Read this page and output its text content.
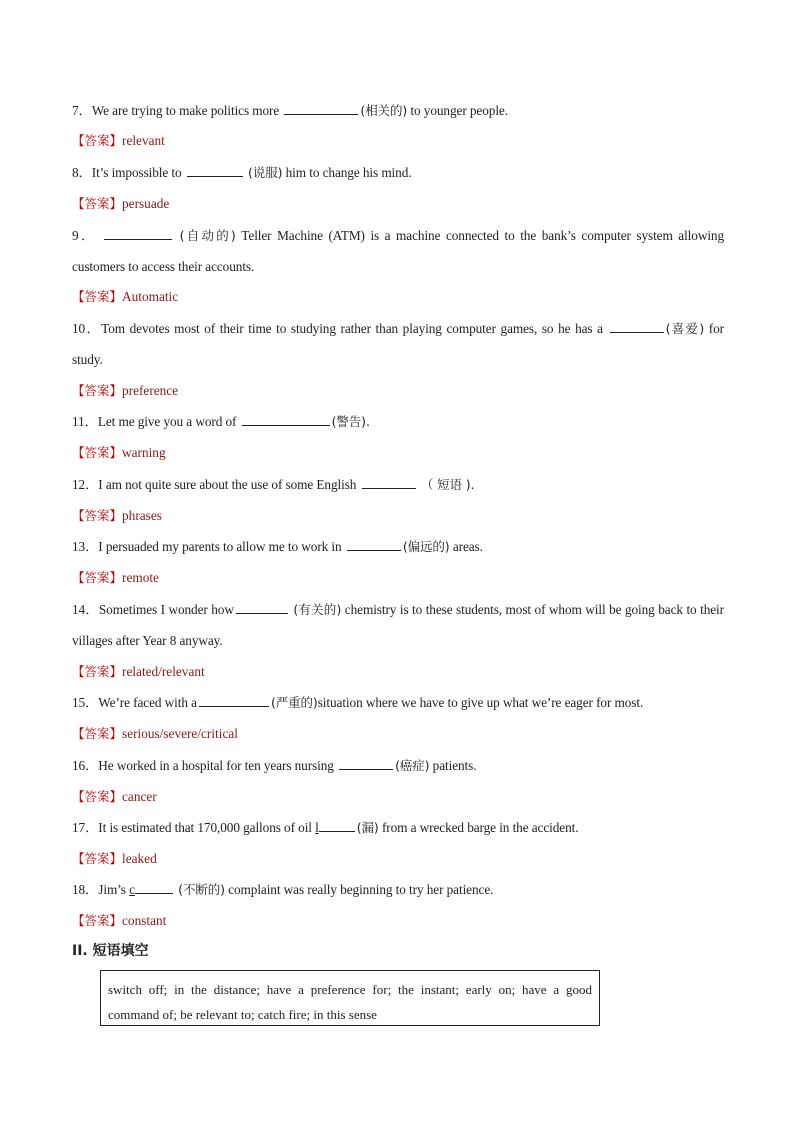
7．We are trying to make politics more	(相关的) to younger people.
【答案】relevant
8．It’s impossible to	(说服) him to change his mind.
【答案】persuade
9．	(自动的) Teller Machine (ATM) is a machine connected to the bank’s computer system allowing customers to access their accounts.
【答案】Automatic
10．Tom devotes most of their time to studying rather than playing computer games, so he has a	(喜爱) for study.
【答案】preference
11．Let me give you a word of	(警告).
【答案】warning
12．I am not quite sure about the use of some English	（ 短语 ).
【答案】phrases
13．I persuaded my parents to allow me to work in	(偏远的) areas.
【答案】remote
14．Sometimes I wonder how	(有关的) chemistry is to these students, most of whom will be going back to their villages after Year 8 anyway.
【答案】related/relevant
15．We’re faced with a	(严重的)situation where we have to give up what we’re eager for most.
【答案】serious/severe/critical
16．He worked in a hospital for ten years nursing	(癌症) patients.
【答案】cancer
17．It is estimated that 170,000 gallons of oil l	(漏) from a wrecked barge in the accident.
【答案】leaked
18．Jim’s c	(不断的) complaint was really beginning to try her patience.
【答案】constant
II. 短语填空
switch off; in the distance; have a preference for; the instant; early on; have a good command of; be relevant to; catch fire; in this sense
